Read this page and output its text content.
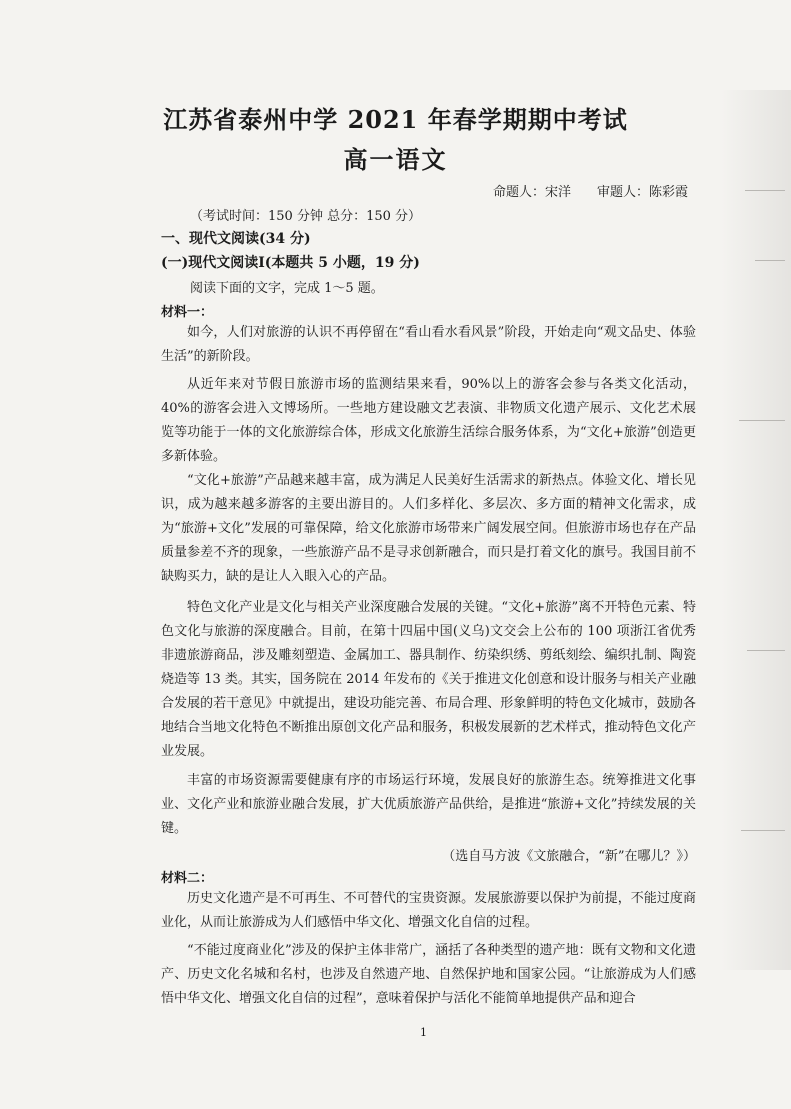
江苏省泰州中学 2021 年春学期期中考试
高一语文
命题人：宋洋 审题人：陈彩霞
（考试时间：150 分钟 总分：150 分）
一、现代文阅读(34 分)
(一)现代文阅读Ⅰ(本题共 5 小题，19 分)
阅读下面的文字，完成 1～5 题。
材料一：

如今，人们对旅游的认识不再停留在“看山看水看风景”阶段，开始走向“观文品史、体验生活”的新阶段。

从近年来对节假日旅游市场的监测结果来看，90%以上的游客会参与各类文化活动，40%的游客会进入文博场所。一些地方建设融文艺表演、非物质文化遗产展示、文化艺术展览等功能于一体的文化旅游综合体，形成文化旅游生活综合服务体系，为“文化+旅游”创造更多新体验。

“文化+旅游”产品越来越丰富，成为满足人民美好生活需求的新热点。体验文化、增长见识，成为越来越多游客的主要出游目的。人们多样化、多层次、多方面的精神文化需求，成为“旅游+文化”发展的可靠保障，给文化旅游市场带来广阔发展空间。但旅游市场也存在产品质量参差不齐的现象，一些旅游产品不是寻求创新融合，而只是打着文化的旗号。我国目前不缺购买力，缺的是让人入眼入心的产品。

特色文化产业是文化与相关产业深度融合发展的关键。“文化+旅游”离不开特色元素、特色文化与旅游的深度融合。目前，在第十四届中国(义乌)文交会上公布的 100 项浙江省优秀非遗旅游商品，涉及雕刻塑造、金属加工、器具制作、纺染织绣、剪纸刻绘、编织扎制、陶瓷烧造等 13 类。其实，国务院在 2014 年发布的《关于推进文化创意和设计服务与相关产业融合发展的若干意见》中就提出，建设功能完善、布局合理、形象鲜明的特色文化城市，鼓励各地结合当地文化特色不断推出原创文化产品和服务，积极发展新的艺术样式，推动特色文化产业发展。

丰富的市场资源需要健康有序的市场运行环境，发展良好的旅游生态。统筹推进文化事业、文化产业和旅游业融合发展，扩大优质旅游产品供给，是推进“旅游+文化”持续发展的关键。

（选自马方波《文旅融合，“新”在哪儿？》）
材料二：

历史文化遗产是不可再生、不可替代的宝贵资源。发展旅游要以保护为前提，不能过度商业化，从而让旅游成为人们感悟中华文化、增强文化自信的过程。

“不能过度商业化”涉及的保护主体非常广，涵括了各种类型的遗产地：既有文物和文化遗产、历史文化名城和名村，也涉及自然遗产地、自然保护地和国家公园。“让旅游成为人们感悟中华文化、增强文化自信的过程”，意味着保护与活化不能简单地提供产品和迎合

1
